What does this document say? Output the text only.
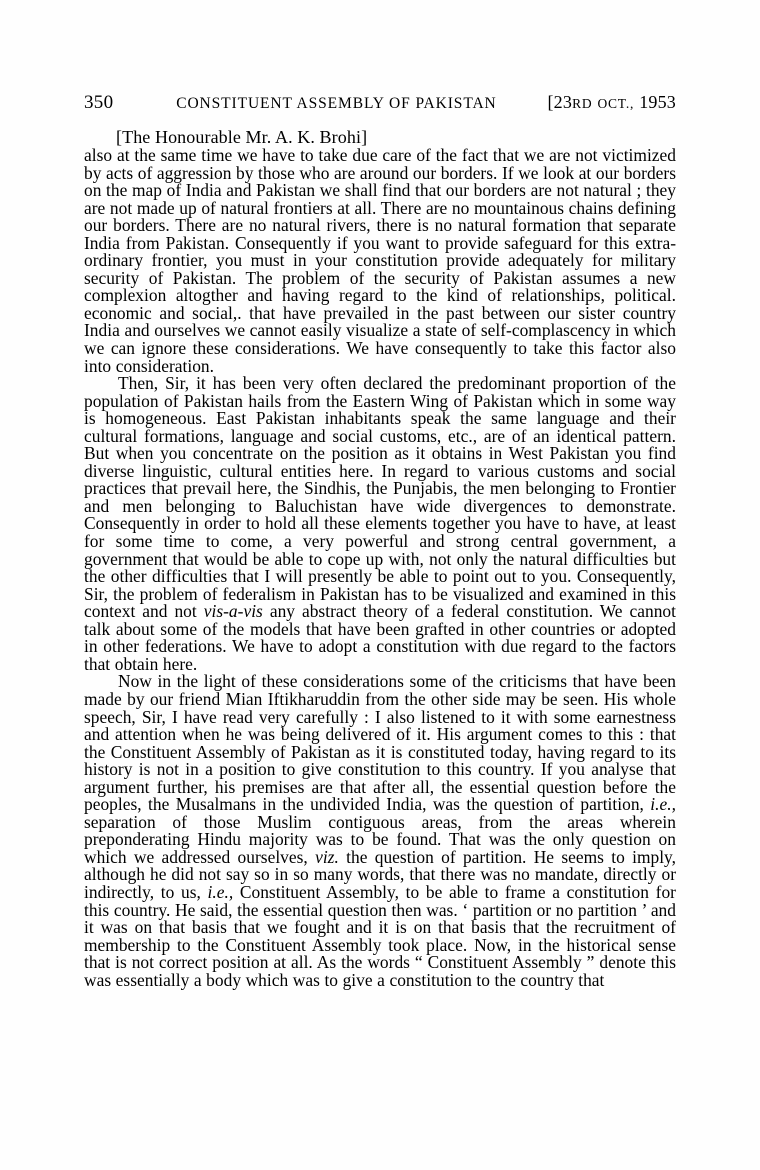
350	CONSTITUENT ASSEMBLY OF PAKISTAN	[23RD OCT., 1953
[The Honourable Mr. A. K. Brohi]

also at the same time we have to take due care of the fact that we are not victimized by acts of aggression by those who are around our borders. If we look at our borders on the map of India and Pakistan we shall find that our borders are not natural ; they are not made up of natural frontiers at all. There are no mountainous chains defining our borders. There are no natural rivers, there is no natural formation that separate India from Pakistan. Consequently if you want to provide safeguard for this extra-ordinary frontier, you must in your constitution provide adequately for military security of Pakistan. The problem of the security of Pakistan assumes a new complexion altogther and having regard to the kind of relationships, political. economic and social,. that have prevailed in the past between our sister country India and ourselves we cannot easily visualize a state of self-complascency in which we can ignore these considerations. We have consequently to take this factor also into consideration.

Then, Sir, it has been very often declared the predominant proportion of the population of Pakistan hails from the Eastern Wing of Pakistan which in some way is homogeneous. East Pakistan inhabitants speak the same language and their cultural formations, language and social customs, etc., are of an identical pattern. But when you concentrate on the position as it obtains in West Pakistan you find diverse linguistic, cultural entities here. In regard to various customs and social practices that prevail here, the Sindhis, the Punjabis, the men belonging to Frontier and men belonging to Baluchistan have wide divergences to demonstrate. Consequently in order to hold all these elements together you have to have, at least for some time to come, a very powerful and strong central government, a government that would be able to cope up with, not only the natural difficulties but the other difficulties that I will presently be able to point out to you. Consequently, Sir, the problem of federalism in Pakistan has to be visualized and examined in this context and not vis-a-vis any abstract theory of a federal constitution. We cannot talk about some of the models that have been grafted in other countries or adopted in other federations. We have to adopt a constitution with due regard to the factors that obtain here.

Now in the light of these considerations some of the criticisms that have been made by our friend Mian Iftikharuddin from the other side may be seen. His whole speech, Sir, I have read very carefully : I also listened to it with some earnestness and attention when he was being delivered of it. His argument comes to this : that the Constituent Assembly of Pakistan as it is constituted today, having regard to its history is not in a position to give constitution to this country. If you analyse that argument further, his premises are that after all, the essential question before the peoples, the Musalmans in the undivided India, was the question of partition, i.e., separation of those Muslim contiguous areas, from the areas wherein preponderating Hindu majority was to be found. That was the only question on which we addressed ourselves, viz. the question of partition. He seems to imply, although he did not say so in so many words, that there was no mandate, directly or indirectly, to us, i.e., Constituent Assembly, to be able to frame a constitution for this country. He said, the essential question then was. ‘ partition or no partition ’ and it was on that basis that we fought and it is on that basis that the recruitment of membership to the Constituent Assembly took place. Now, in the historical sense that is not correct position at all. As the words “ Constituent Assembly ” denote this was essentially a body which was to give a constitution to the country that
